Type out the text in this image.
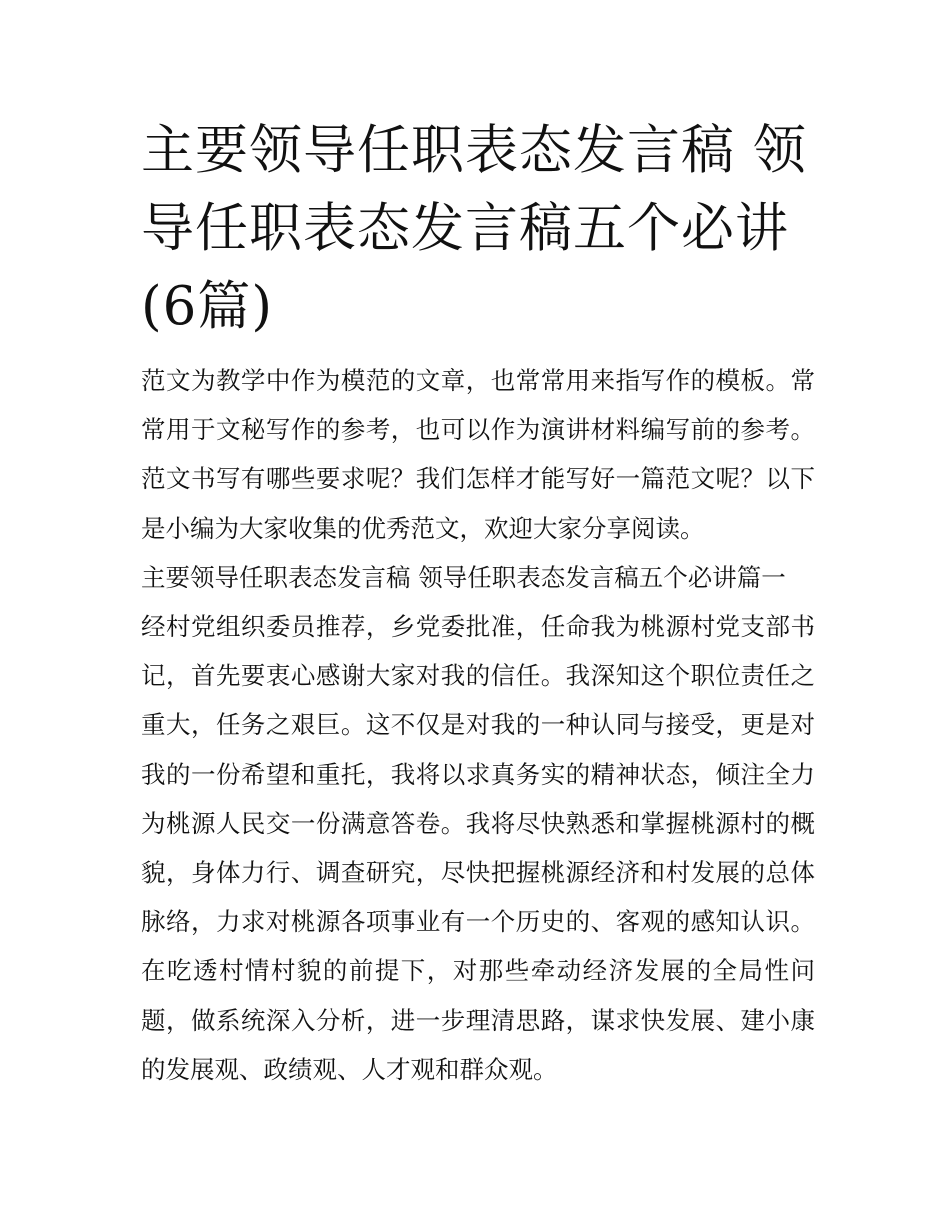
主要领导任职表态发言稿 领导任职表态发言稿五个必讲(6篇)

范文为教学中作为模范的文章，也常常用来指写作的模板。常常用于文秘写作的参考，也可以作为演讲材料编写前的参考。范文书写有哪些要求呢？我们怎样才能写好一篇范文呢？以下是小编为大家收集的优秀范文，欢迎大家分享阅读。

主要领导任职表态发言稿 领导任职表态发言稿五个必讲篇一

经村党组织委员推荐，乡党委批准，任命我为桃源村党支部书记，首先要衷心感谢大家对我的信任。我深知这个职位责任之重大，任务之艰巨。这不仅是对我的一种认同与接受，更是对我的一份希望和重托，我将以求真务实的精神状态，倾注全力为桃源人民交一份满意答卷。我将尽快熟悉和掌握桃源村的概貌，身体力行、调查研究，尽快把握桃源经济和村发展的总体脉络，力求对桃源各项事业有一个历史的、客观的感知认识。在吃透村情村貌的前提下，对那些牵动经济发展的全局性问题，做系统深入分析，进一步理清思路，谋求快发展、建小康的发展观、政绩观、人才观和群众观。
